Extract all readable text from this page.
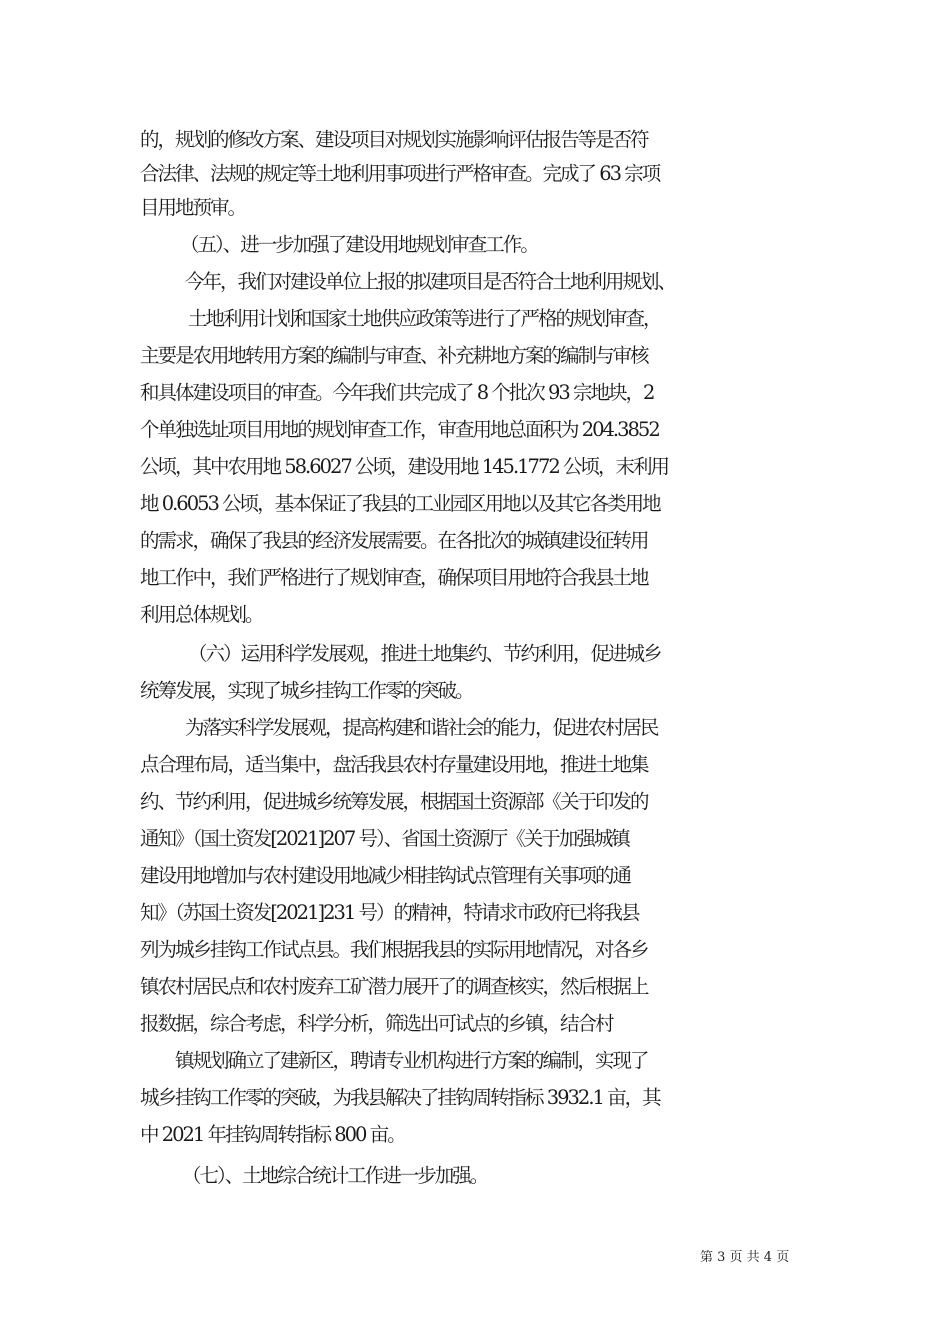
的，规划的修改方案、建设项目对规划实施影响评估报告等是否符
合法律、法规的规定等土地利用事项进行严格审查。完成了 63 宗项
目用地预审。
（五）、进一步加强了建设用地规划审查工作。
今年，我们对建设单位上报的拟建项目是否符合土地利用规划、
土地利用计划和国家土地供应政策等进行了严格的规划审查，
主要是农用地转用方案的编制与审查、补充耕地方案的编制与审核
和具体建设项目的审查。今年我们共完成了 8 个批次 93 宗地块，2
个单独选址项目用地的规划审查工作，审查用地总面积为 204.3852
公顷，其中农用地 58.6027 公顷，建设用地 145.1772 公顷，末利用
地 0.6053 公顷，基本保证了我县的工业园区用地以及其它各类用地
的需求，确保了我县的经济发展需要。在各批次的城镇建设征转用
地工作中，我们严格进行了规划审查，确保项目用地符合我县土地
利用总体规划。
（六）运用科学发展观，推进土地集约、节约利用，促进城乡
统筹发展，实现了城乡挂钩工作零的突破。
为落实科学发展观，提高构建和谐社会的能力，促进农村居民
点合理布局，适当集中，盘活我县农村存量建设用地，推进土地集
约、节约利用，促进城乡统筹发展，根据国土资源部《关于印发的
通知》（国土资发[2021]207 号）、省国土资源厅《关于加强城镇
建设用地增加与农村建设用地减少相挂钩试点管理有关事项的通
知》（苏国土资发[2021]231 号）的精神，特请求市政府已将我县
列为城乡挂钩工作试点县。我们根据我县的实际用地情况，对各乡
镇农村居民点和农村废弃工矿潜力展开了的调查核实，然后根据上
报数据，综合考虑，科学分析，筛选出可试点的乡镇，结合村
镇规划确立了建新区，聘请专业机构进行方案的编制，实现了
城乡挂钩工作零的突破，为我县解决了挂钩周转指标 3932.1 亩，其
中 2021 年挂钩周转指标 800 亩。
（七）、土地综合统计工作进一步加强。
第 3 页 共 4 页
